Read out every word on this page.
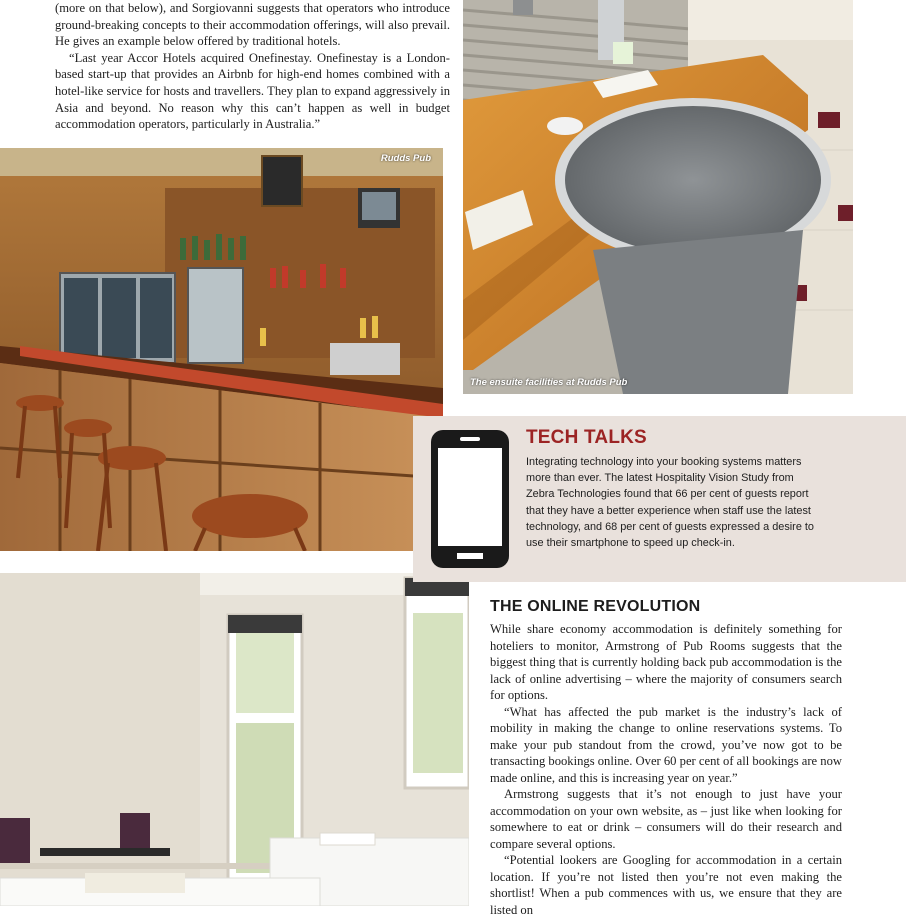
(more on that below), and Sorgiovanni suggests that operators who introduce ground-breaking concepts to their accommodation offerings, will also prevail. He gives an example below offered by traditional hotels.

“Last year Accor Hotels acquired Onefinestay. Onefinestay is a London-based start-up that provides an Airbnb for high-end homes combined with a hotel-like service for hosts and travellers. They plan to expand aggressively in Asia and beyond. No reason why this can’t happen as well in budget accommodation operators, particularly in Australia.”

Rudds Pub
The ensuite facilities at Rudds Pub
TECH TALKS
Integrating technology into your booking systems matters more than ever. The latest Hospitality Vision Study from Zebra Technologies found that 66 per cent of guests report that they have a better experience when staff use the latest technology, and 68 per cent of guests expressed a desire to use their smartphone to speed up check-in.
THE ONLINE REVOLUTION

While share economy accommodation is definitely something for hoteliers to monitor, Armstrong of Pub Rooms suggests that the biggest thing that is currently holding back pub accommodation is the lack of online advertising – where the majority of consumers search for options.

“What has affected the pub market is the industry’s lack of mobility in making the change to online reservations systems. To make your pub standout from the crowd, you’ve now got to be transacting bookings online. Over 60 per cent of all bookings are now made online, and this is increasing year on year.”

Armstrong suggests that it’s not enough to just have your accommodation on your own website, as – just like when looking for somewhere to eat or drink – consumers will do their research and compare several options.

“Potential lookers are Googling for accommodation in a certain location. If you’re not listed then you’re not even making the shortlist! When a pub commences with us, we ensure that they are listed on
